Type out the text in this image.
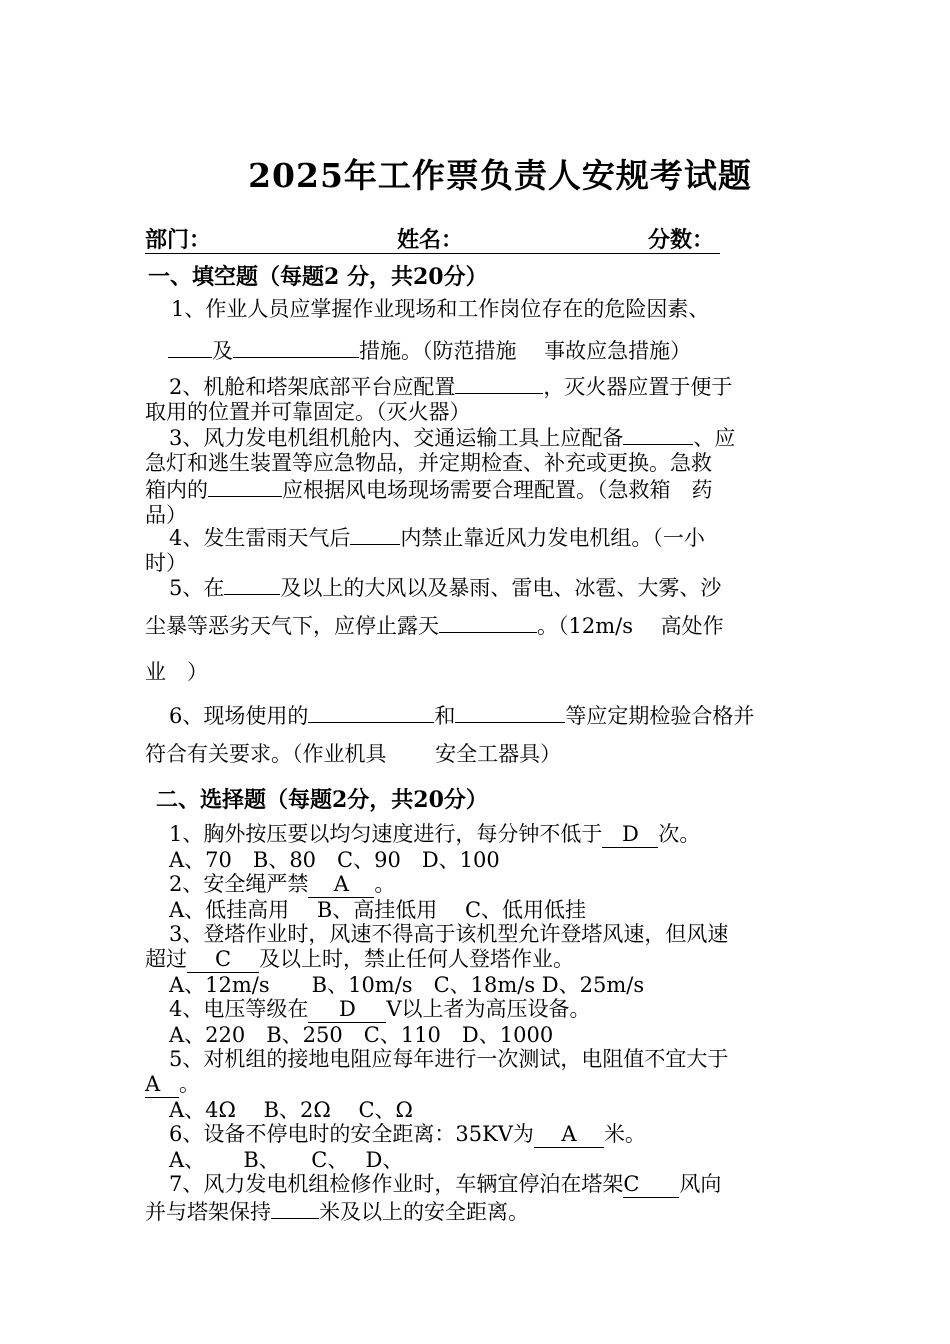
2025年工作票负责人安规考试题
部门：	姓名：	分数：
一、填空题（每题2 分，共20分）
1、作业人员应掌握作业现场和工作岗位存在的危险因素、
及	措施。（防范措施　 事故应急措施）
2、机舱和塔架底部平台应配置	，灭火器应置于便于
取用的位置并可靠固定。（灭火器）
3、风力发电机组机舱内、交通运输工具上应配备	、应
急灯和逃生装置等应急物品，并定期检查、补充或更换。急救
箱内的	应根据风电场现场需要合理配置。（急救箱　药
品）
4、发生雷雨天气后 内禁止靠近风力发电机组。（一小
时）
5、在	及以上的大风以及暴雨、雷电、冰雹、大雾、沙
尘暴等恶劣天气下，应停止露天	。（12m/s　 高处作
业　）
6、现场使用的	和	等应定期检验合格并
符合有关要求。（作业机具　　 安全工器具）
二、选择题（每题2分，共20分）
1、胸外按压要以均匀速度进行，每分钟不低于 D 次。
A、70　B、80　C、90　D、100
2、安全绳严禁 A 。
A、低挂高用　 B、高挂低用　 C、低用低挂
3、登塔作业时，风速不得高于该机型允许登塔风速，但风速
超过 C 及以上时，禁止任何人登塔作业。
A、12m/s　　B、10m/s　C、18m/s D、25m/s
4、电压等级在 D V以上者为高压设备。
A、220　B、250　C、110　D、1000
5、对机组的接地电阻应每年进行一次测试，电阻值不宜大于
A 。
A、4Ω　 B、2Ω　 C、Ω
6、设备不停电时的安全距离：35KV为 A 米。
A、　　 B、　　C、　 D、
7、风力发电机组检修作业时，车辆宜停泊在塔架C 风向
并与塔架保持 米及以上的安全距离。
